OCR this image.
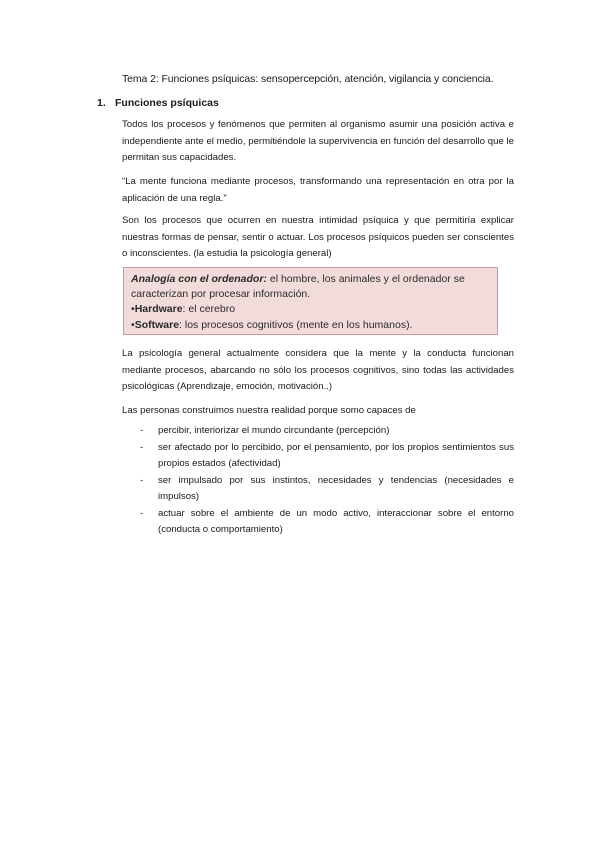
Tema 2: Funciones psíquicas: sensopercepción, atención, vigilancia y conciencia.
1. Funciones psíquicas
Todos los procesos y fenómenos que permiten al organismo asumir una posición activa e independiente ante el medio, permitiéndole la supervivencia en función del desarrollo que le permitan sus capacidades.
“La mente funciona mediante procesos, transformando una representación en otra por la aplicación de una regla.”
Son los procesos que ocurren en nuestra intimidad psíquica y que permitiría explicar nuestras formas de pensar, sentir o actuar. Los procesos psíquicos pueden ser conscientes o inconscientes. (la estudia la psicología general)
Analogía con el ordenador: el hombre, los animales y el ordenador se caracterizan por procesar información.
•Hardware: el cerebro
•Software: los procesos cognitivos (mente en los humanos).
La psicología general actualmente considera que la mente y la conducta funcionan mediante procesos, abarcando no sólo los procesos cognitivos, sino todas las actividades psicológicas (Aprendizaje, emoción, motivación..)
Las personas construimos nuestra realidad porque somo capaces de
- percibir, interiorizar el mundo circundante (percepción)
- ser afectado por lo percibido, por el pensamiento, por los propios sentimientos sus propios estados (afectividad)
- ser impulsado por sus instintos, necesidades y tendencias (necesidades e impulsos)
- actuar sobre el ambiente de un modo activo, interaccionar sobre el entorno (conducta o comportamiento)
